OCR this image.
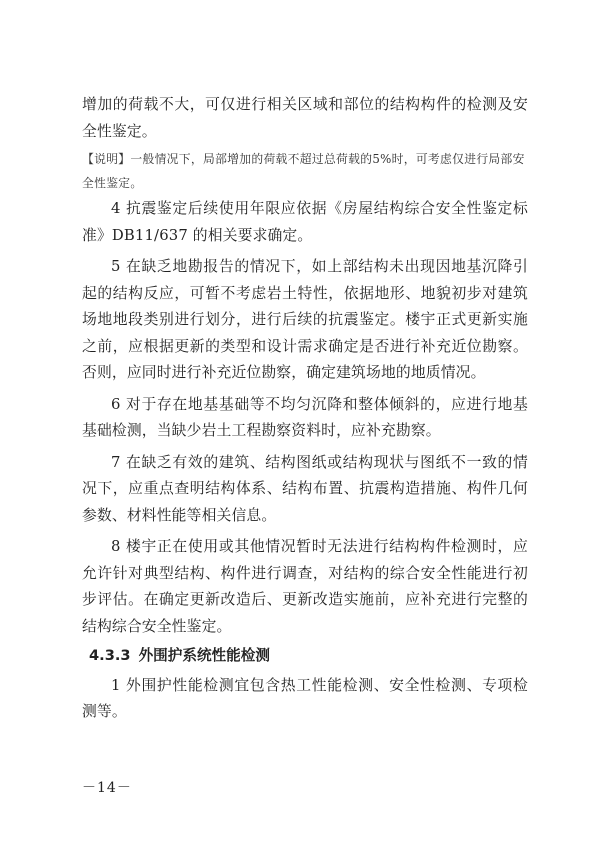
增加的荷载不大，可仅进行相关区域和部位的结构构件的检测及安全性鉴定。

【说明】一般情况下，局部增加的荷载不超过总荷载的5%时，可考虑仅进行局部安全性鉴定。

4 抗震鉴定后续使用年限应依据《房屋结构综合安全性鉴定标准》DB11/637 的相关要求确定。

5 在缺乏地勘报告的情况下，如上部结构未出现因地基沉降引起的结构反应，可暂不考虑岩土特性，依据地形、地貌初步对建筑场地地段类别进行划分，进行后续的抗震鉴定。楼宇正式更新实施之前，应根据更新的类型和设计需求确定是否进行补充近位勘察。否则，应同时进行补充近位勘察，确定建筑场地的地质情况。

6 对于存在地基基础等不均匀沉降和整体倾斜的，应进行地基基础检测，当缺少岩土工程勘察资料时，应补充勘察。

7 在缺乏有效的建筑、结构图纸或结构现状与图纸不一致的情况下，应重点查明结构体系、结构布置、抗震构造措施、构件几何参数、材料性能等相关信息。

8 楼宇正在使用或其他情况暂时无法进行结构构件检测时，应允许针对典型结构、构件进行调查，对结构的综合安全性能进行初步评估。在确定更新改造后、更新改造实施前，应补充进行完整的结构综合安全性鉴定。

4.3.3 外围护系统性能检测

1 外围护性能检测宜包含热工性能检测、安全性检测、专项检测等。

－14－
